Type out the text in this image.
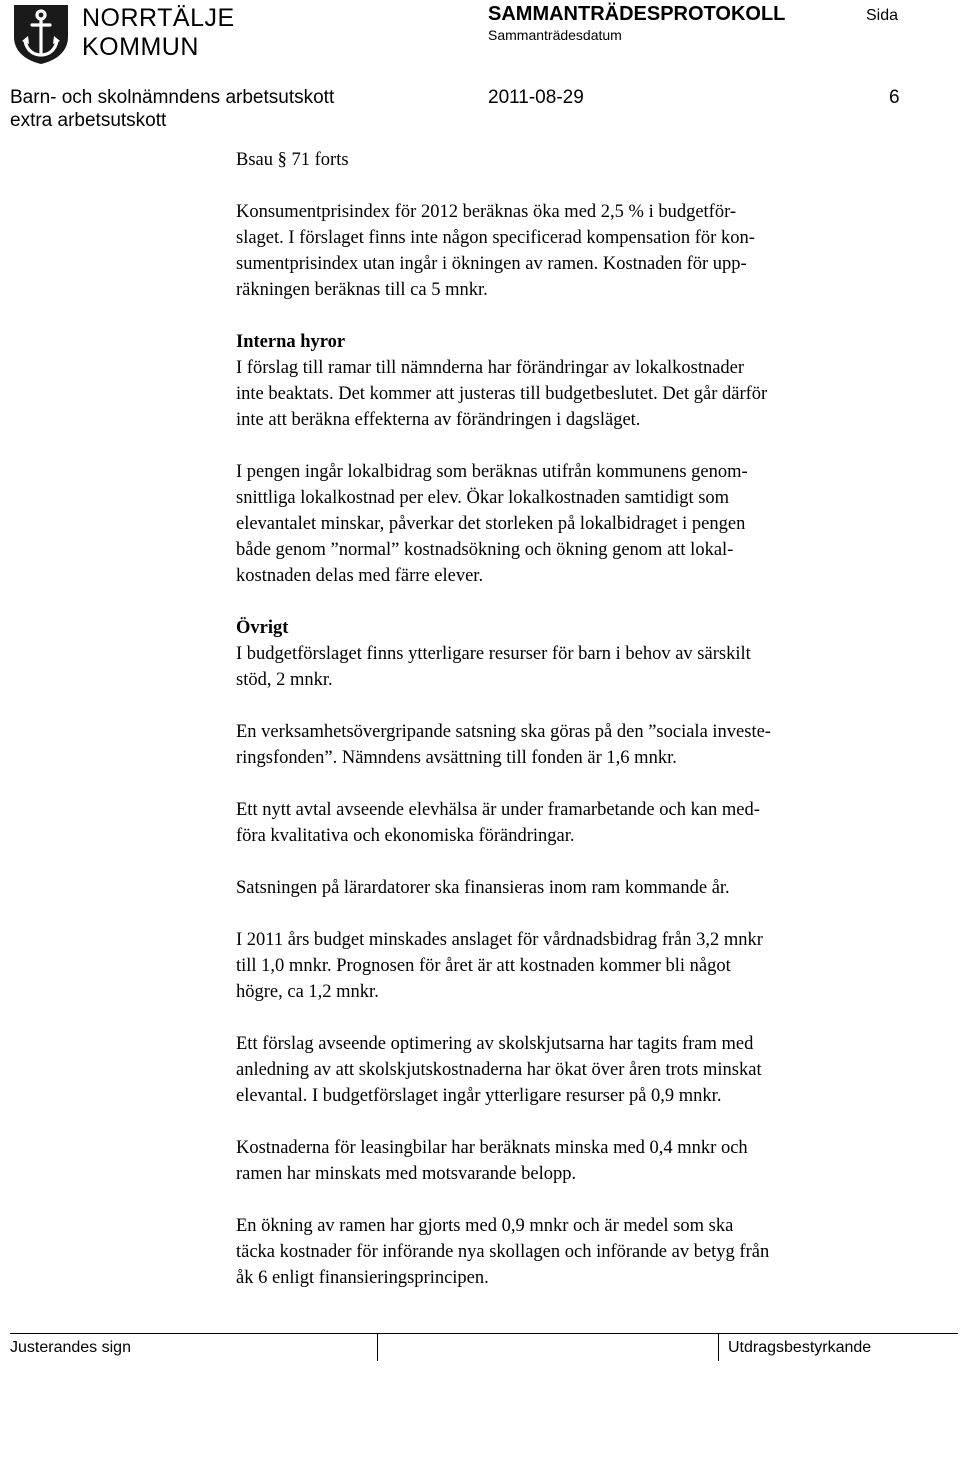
NORRTÄLJE
KOMMUN
SAMMANTRÄDESPROTOKOLL	Sida
Sammanträdesdatum
Barn- och skolnämndens arbetsutskott
extra arbetsutskott
2011-08-29	6
Bsau § 71 forts

Konsumentprisindex för 2012 beräknas öka med 2,5 % i budgetför-
slaget. I förslaget finns inte någon specificerad kompensation för kon-
sumentprisindex utan ingår i ökningen av ramen. Kostnaden för upp-
räkningen beräknas till ca 5 mnkr.

Interna hyror
I förslag till ramar till nämnderna har förändringar av lokalkostnader
inte beaktats. Det kommer att justeras till budgetbeslutet. Det går därför
inte att beräkna effekterna av förändringen i dagsläget.

I pengen ingår lokalbidrag som beräknas utifrån kommunens genom-
snittliga lokalkostnad per elev. Ökar lokalkostnaden samtidigt som
elevantalet minskar, påverkar det storleken på lokalbidraget i pengen
både genom ”normal” kostnadsökning och ökning genom att lokal-
kostnaden delas med färre elever.

Övrigt
I budgetförslaget finns ytterligare resurser för barn i behov av särskilt
stöd, 2 mnkr.

En verksamhetsövergripande satsning ska göras på den ”sociala investe-
ringsfonden”. Nämndens avsättning till fonden är 1,6 mnkr.

Ett nytt avtal avseende elevhälsa är under framarbetande och kan med-
föra kvalitativa och ekonomiska förändringar.

Satsningen på lärardatorer ska finansieras inom ram kommande år.

I 2011 års budget minskades anslaget för vårdnadsbidrag från 3,2 mnkr
till 1,0 mnkr. Prognosen för året är att kostnaden kommer bli något
högre, ca 1,2 mnkr.

Ett förslag avseende optimering av skolskjutsarna har tagits fram med
anledning av att skolskjutskostnaderna har ökat över åren trots minskat
elevantal. I budgetförslaget ingår ytterligare resurser på 0,9 mnkr.

Kostnaderna för leasingbilar har beräknats minska med 0,4 mnkr och
ramen har minskats med motsvarande belopp.

En ökning av ramen har gjorts med 0,9 mnkr och är medel som ska
täcka kostnader för införande nya skollagen och införande av betyg från
åk 6 enligt finansieringsprincipen.

Justerandes sign	Utdragsbestyrkande
